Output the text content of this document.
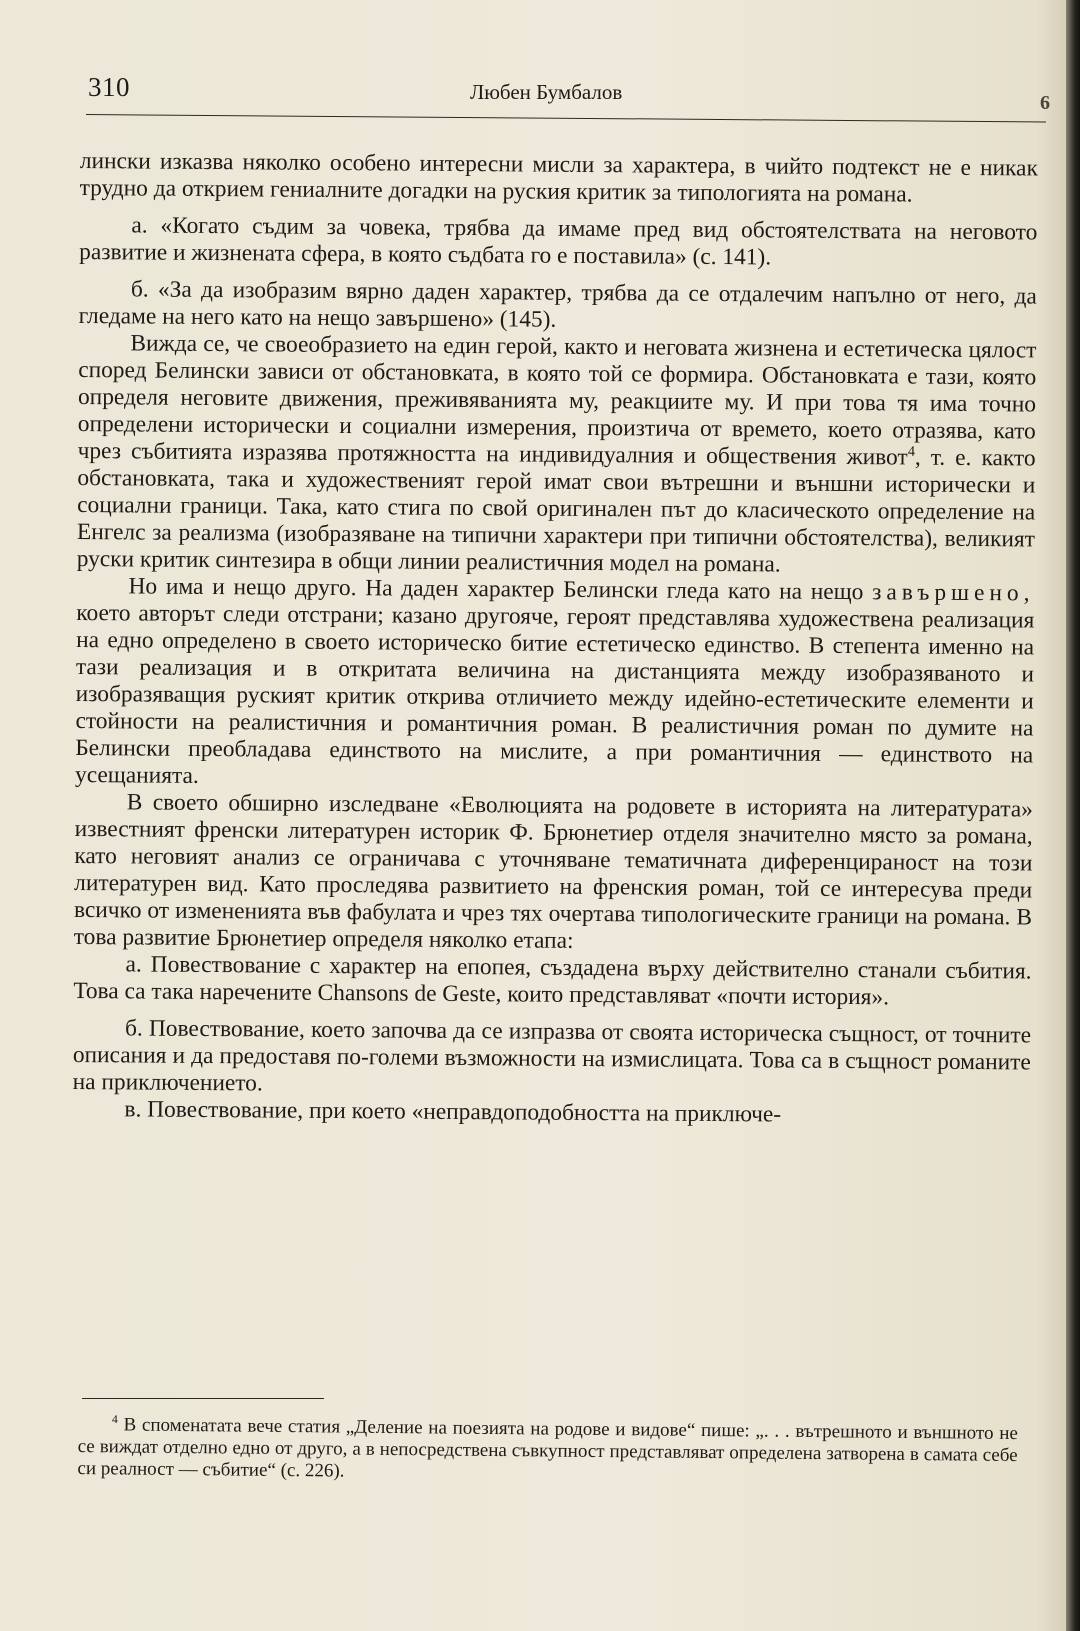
310	Любен Бумбалов	6

лински изказва няколко особено интересни мисли за характера, в чийто подтекст не е никак трудно да открием гениалните догадки на руския критик за типологията на романа.

а. «Когато съдим за човека, трябва да имаме пред вид обстоятелствата на неговото развитие и жизнената сфера, в която съдбата го е поставила» (с. 141).

б. «За да изобразим вярно даден характер, трябва да се отдалечим напълно от него, да гледаме на него като на нещо завършено» (145).

Вижда се, че своеобразието на един герой, както и неговата жизнена и естетическа цялост според Белински зависи от обстановката, в която той се формира. Обстановката е тази, която определя неговите движения, преживяванията му, реакциите му. И при това тя има точно определени исторически и социални измерения, произтича от времето, което отразява, като чрез събитията изразява протяжността на индивидуалния и обществения живот$^4$, т. е. както обстановката, така и художественият герой имат свои вътрешни и външни исторически и социални граници. Така, като стига по свой оригинален път до класическото определение на Енгелс за реализма (изобразяване на типични характери при типични обстоятелства), великият руски критик синтезира в общи линии реалистичния модел на романа.

Но има и нещо друго. На даден характер Белински гледа като на нещо завършено, което авторът следи отстрани; казано другояче, героят представлява художествена реализация на едно определено в своето историческо битие естетическо единство. В степента именно на тази реализация и в откритата величина на дистанцията между изобразяваното и изобразяващия руският критик открива отличието между идейно-естетическите елементи и стойности на реалистичния и романтичния роман. В реалистичния роман по думите на Белински преобладава единството на мислите, а при романтичния — единството на усещанията.

В своето обширно изследване «Еволюцията на родовете в историята на литературата» известният френски литературен историк Ф. Брюнетиер отделя значително място за романа, като неговият анализ се ограничава с уточняване тематичната диференцираност на този литературен вид. Като проследява развитието на френския роман, той се интересува преди всичко от измененията във фабулата и чрез тях очертава типологическите граници на романа. В това развитие Брюнетиер определя няколко етапа:

а. Повествование с характер на епопея, създадена върху действително станали събития. Това са така наречените Chansons de Geste, които представляват «почти история».

б. Повествование, което започва да се изпразва от своята историческа същност, от точните описания и да предоставя по-големи възможности на измислицата. Това са в същност романите на приключението.

в. Повествование, при което «неправдоподобността на приключе-

$^4$ В споменатата вече статия „Деление на поезията на родове и видове“ пише: „. . . вътрешното и външното не се виждат отделно едно от друго, а в непосредствена съвкупност представляват определена затворена в самата себе си реалност — събитие“ (с. 226).
